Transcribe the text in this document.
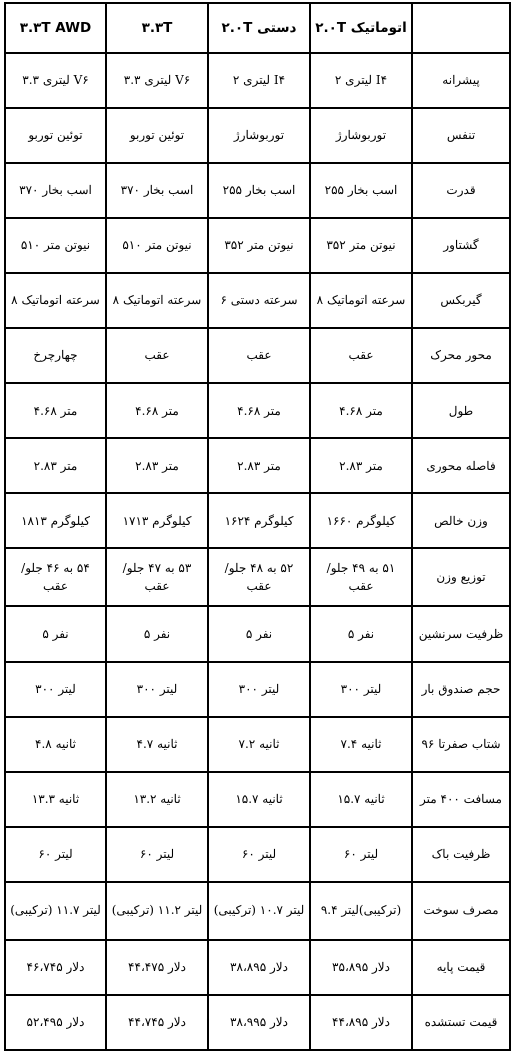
	اتوماتیک ۲.۰T	دستی ۲.۰T	۳.۳T	۳.۳T AWD
پیشرانه	I۴ لیتری ۲	I۴ لیتری ۲	V۶ لیتری ۳.۳	V۶ لیتری ۳.۳
تنفس	توربوشارژ	توربوشارژ	توئین توربو	توئین توربو
قدرت	اسب بخار ۲۵۵	اسب بخار ۲۵۵	اسب بخار ۳۷۰	اسب بخار ۳۷۰
گشتاور	نیوتن متر ۳۵۲	نیوتن متر ۳۵۲	نیوتن متر ۵۱۰	نیوتن متر ۵۱۰
گیربکس	سرعته اتوماتیک ۸	سرعته دستی ۶	سرعته اتوماتیک ۸	سرعته اتوماتیک ۸
محور محرک	عقب	عقب	عقب	چهارچرخ
طول	متر ۴.۶۸	متر ۴.۶۸	متر ۴.۶۸	متر ۴.۶۸
فاصله محوری	متر ۲.۸۳	متر ۲.۸۳	متر ۲.۸۳	متر ۲.۸۳
وزن خالص	کیلوگرم ۱۶۶۰	کیلوگرم ۱۶۲۴	کیلوگرم ۱۷۱۳	کیلوگرم ۱۸۱۳
توزیع وزن	۵۱ به ۴۹ جلو/عقب	۵۲ به ۴۸ جلو/عقب	۵۳ به ۴۷ جلو/عقب	۵۴ به ۴۶ جلو/عقب
ظرفیت سرنشین	نفر ۵	نفر ۵	نفر ۵	نفر ۵
حجم صندوق بار	لیتر ۳۰۰	لیتر ۳۰۰	لیتر ۳۰۰	لیتر ۳۰۰
شتاب صفرتا ۹۶	ثانیه ۷.۴	ثانیه ۷.۲	ثانیه ۴.۷	ثانیه ۴.۸
مسافت ۴۰۰ متر	ثانیه ۱۵.۷	ثانیه ۱۵.۷	ثانیه ۱۳.۲	ثانیه ۱۳.۳
ظرفیت باک	لیتر ۶۰	لیتر ۶۰	لیتر ۶۰	لیتر ۶۰
مصرف سوخت	(ترکیبی)لیتر ۹.۴	لیتر ۱۰.۷ (ترکیبی)	لیتر ۱۱.۲ (ترکیبی)	لیتر ۱۱.۷ (ترکیبی)
قیمت پایه	دلار ۳۵،۸۹۵	دلار ۳۸،۸۹۵	دلار ۴۴،۴۷۵	دلار ۴۶،۷۴۵
قیمت تستشده	دلار ۴۴،۸۹۵	دلار ۳۸،۹۹۵	دلار ۴۴،۷۴۵	دلار ۵۲،۴۹۵
